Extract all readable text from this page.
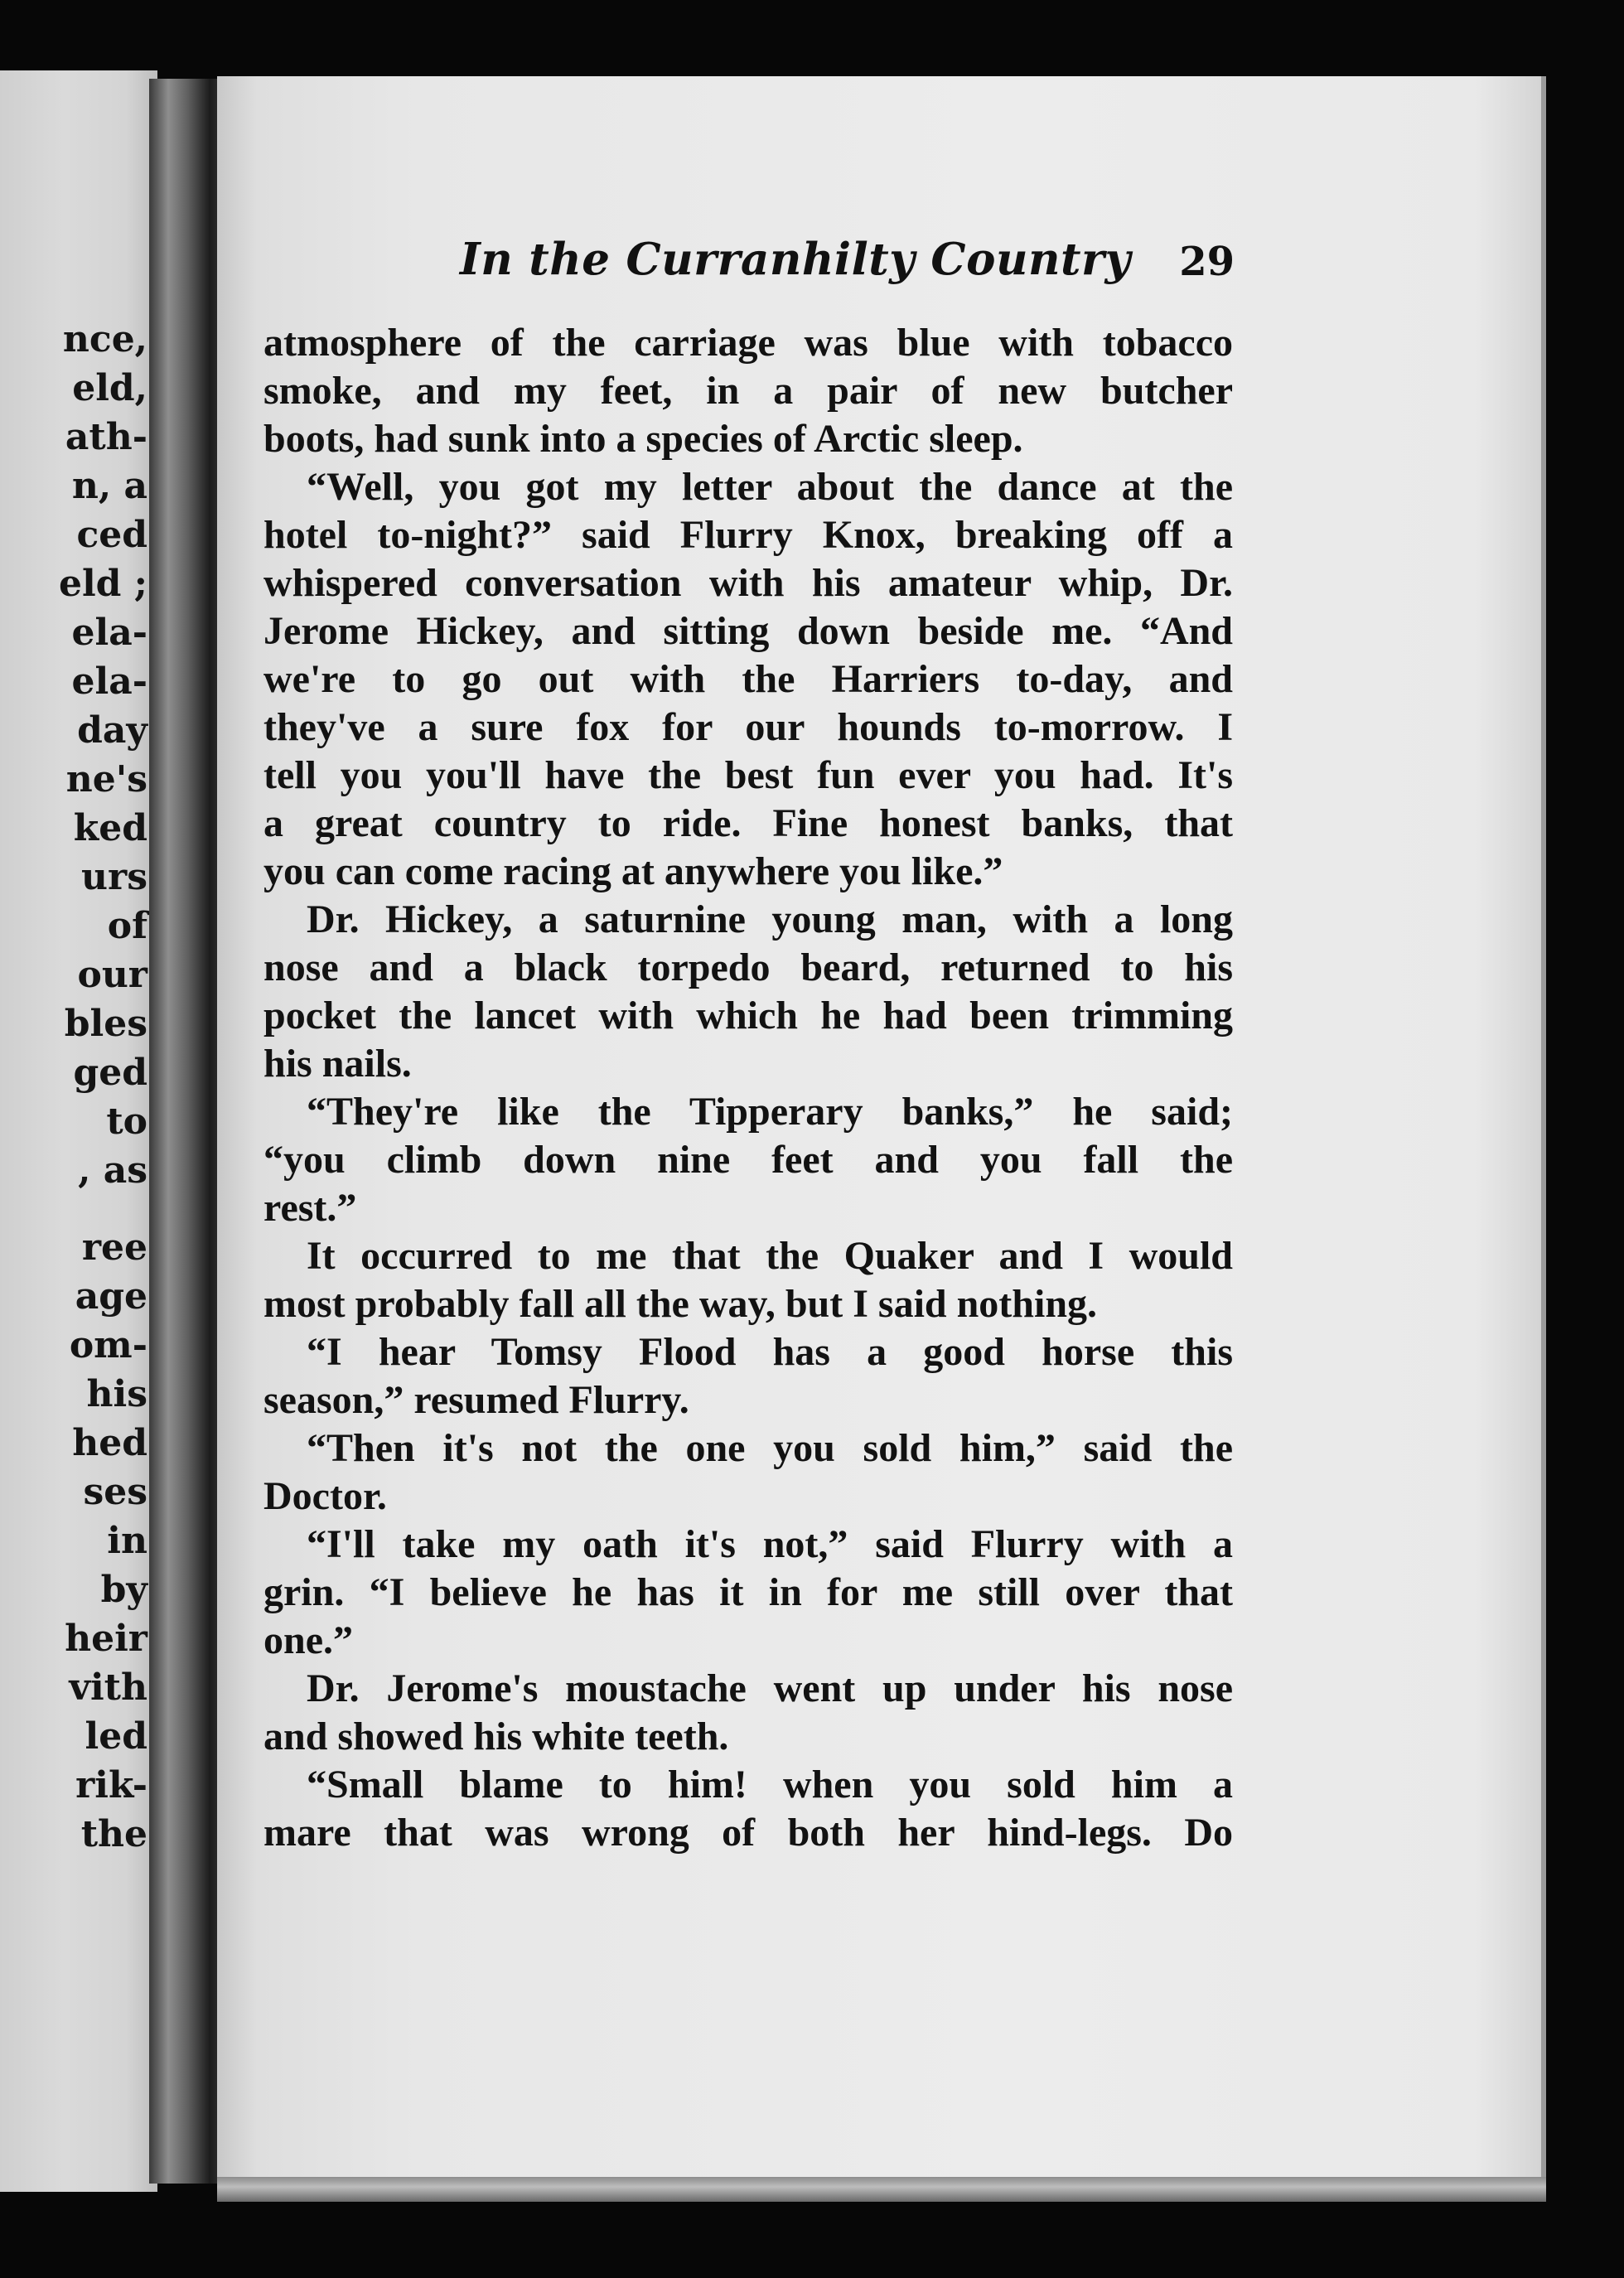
nce,
eld,
ath-
n, a
ced
eld ;
ela-
ela-
day
ne's
ked
urs
of
our
bles
ged
to
, as
ree
age
om-
his
hed
ses
in
by
heir
vith
led
rik-
the
In the Curranhilty Country 29
atmosphere of the carriage was blue with tobacco
smoke, and my feet, in a pair of new butcher
boots, had sunk into a species of Arctic sleep.
“Well, you got my letter about the dance at the
hotel to-night?” said Flurry Knox, breaking off a
whispered conversation with his amateur whip, Dr.
Jerome Hickey, and sitting down beside me. “And
we're to go out with the Harriers to-day, and
they've a sure fox for our hounds to-morrow. I
tell you you'll have the best fun ever you had. It's
a great country to ride. Fine honest banks, that
you can come racing at anywhere you like.”
Dr. Hickey, a saturnine young man, with a long
nose and a black torpedo beard, returned to his
pocket the lancet with which he had been trimming
his nails.
“They're like the Tipperary banks,” he said;
“you climb down nine feet and you fall the
rest.”
It occurred to me that the Quaker and I would
most probably fall all the way, but I said nothing.
“I hear Tomsy Flood has a good horse this
season,” resumed Flurry.
“Then it's not the one you sold him,” said the
Doctor.
“I'll take my oath it's not,” said Flurry with a
grin. “I believe he has it in for me still over that
one.”
Dr. Jerome's moustache went up under his nose
and showed his white teeth.
“Small blame to him! when you sold him a
mare that was wrong of both her hind-legs. Do
